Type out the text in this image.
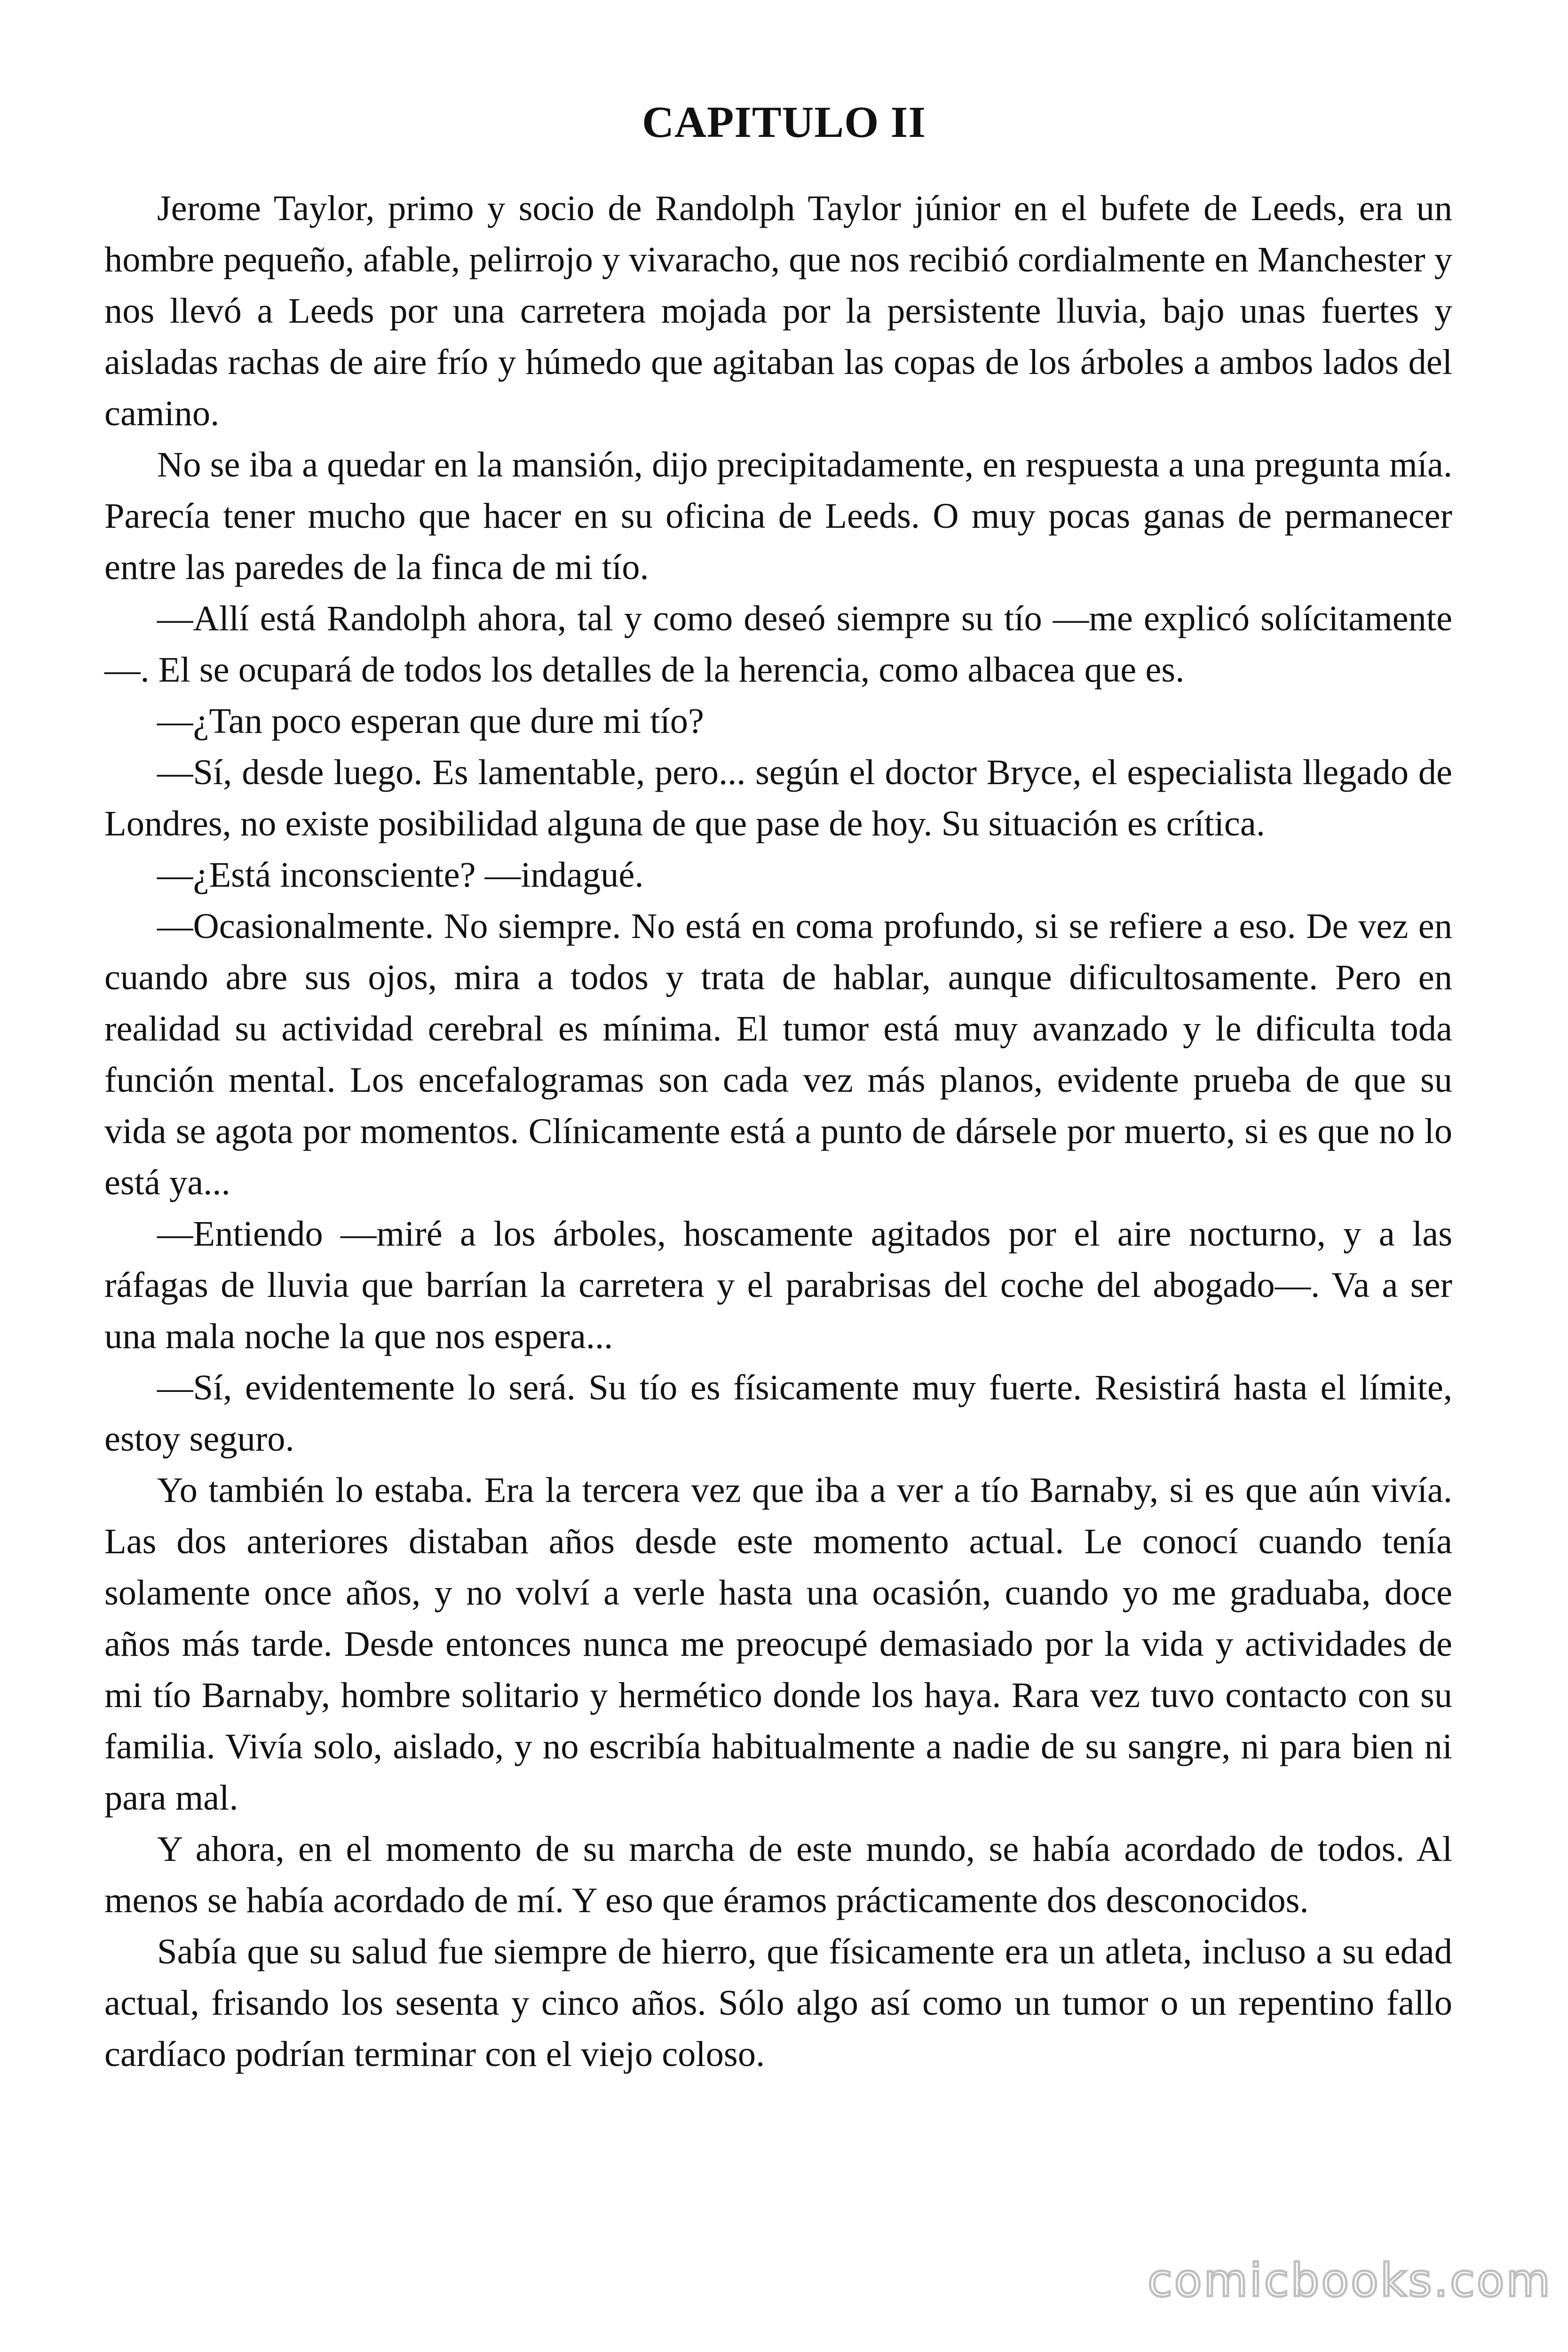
CAPITULO II

Jerome Taylor, primo y socio de Randolph Taylor júnior en el bufete de Leeds, era un hombre pequeño, afable, pelirrojo y vivaracho, que nos recibió cordialmente en Manchester y nos llevó a Leeds por una carretera mojada por la persistente lluvia, bajo unas fuertes y aisladas rachas de aire frío y húmedo que agitaban las copas de los árboles a ambos lados del camino.

No se iba a quedar en la mansión, dijo precipitadamente, en respuesta a una pregunta mía. Parecía tener mucho que hacer en su oficina de Leeds. O muy pocas ganas de permanecer entre las paredes de la finca de mi tío.

—Allí está Randolph ahora, tal y como deseó siempre su tío —me explicó solícitamente—. El se ocupará de todos los detalles de la herencia, como albacea que es.

—¿Tan poco esperan que dure mi tío?

—Sí, desde luego. Es lamentable, pero... según el doctor Bryce, el especialista llegado de Londres, no existe posibilidad alguna de que pase de hoy. Su situación es crítica.

—¿Está inconsciente? —indagué.

—Ocasionalmente. No siempre. No está en coma profundo, si se refiere a eso. De vez en cuando abre sus ojos, mira a todos y trata de hablar, aunque dificultosamente. Pero en realidad su actividad cerebral es mínima. El tumor está muy avanzado y le dificulta toda función mental. Los encefalogramas son cada vez más planos, evidente prueba de que su vida se agota por momentos. Clínicamente está a punto de dársele por muerto, si es que no lo está ya...

—Entiendo —miré a los árboles, hoscamente agitados por el aire nocturno, y a las ráfagas de lluvia que barrían la carretera y el parabrisas del coche del abogado—. Va a ser una mala noche la que nos espera...

—Sí, evidentemente lo será. Su tío es físicamente muy fuerte. Resistirá hasta el límite, estoy seguro.

Yo también lo estaba. Era la tercera vez que iba a ver a tío Barnaby, si es que aún vivía. Las dos anteriores distaban años desde este momento actual. Le conocí cuando tenía solamente once años, y no volví a verle hasta una ocasión, cuando yo me graduaba, doce años más tarde. Desde entonces nunca me preocupé demasiado por la vida y actividades de mi tío Barnaby, hombre solitario y hermético donde los haya. Rara vez tuvo contacto con su familia. Vivía solo, aislado, y no escribía habitualmente a nadie de su sangre, ni para bien ni para mal.

Y ahora, en el momento de su marcha de este mundo, se había acordado de todos. Al menos se había acordado de mí. Y eso que éramos prácticamente dos desconocidos.

Sabía que su salud fue siempre de hierro, que físicamente era un atleta, incluso a su edad actual, frisando los sesenta y cinco años. Sólo algo así como un tumor o un repentino fallo cardíaco podrían terminar con el viejo coloso.

comicbooks.com
